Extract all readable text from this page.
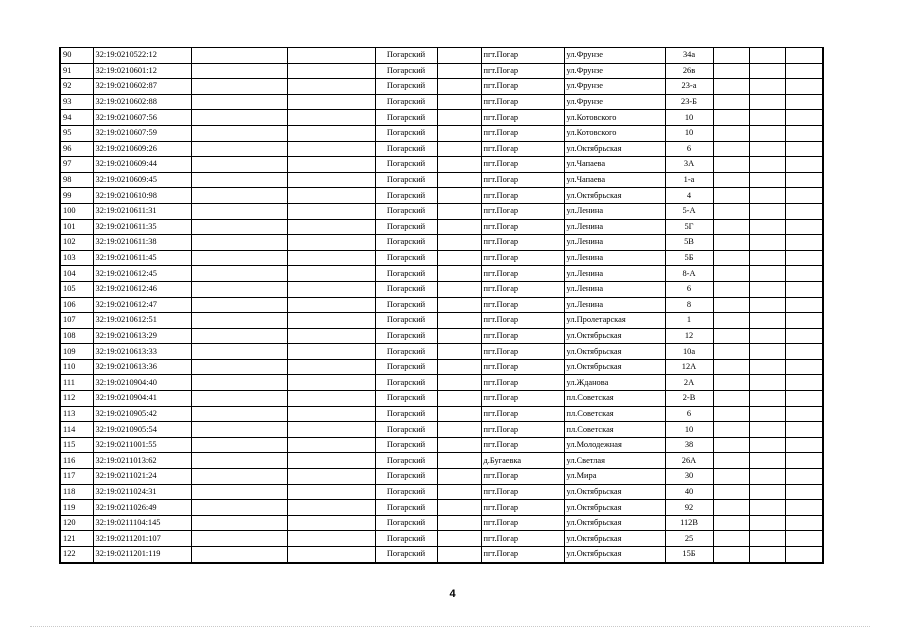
90	32:19:0210522:12			Погарский		пгт.Погар	ул.Фрунзе	34а			
91	32:19:0210601:12			Погарский		пгт.Погар	ул.Фрунзе	26в			
92	32:19:0210602:87			Погарский		пгт.Погар	ул.Фрунзе	23-а			
93	32:19:0210602:88			Погарский		пгт.Погар	ул.Фрунзе	23-Б			
94	32:19:0210607:56			Погарский		пгт.Погар	ул.Котовского	10			
95	32:19:0210607:59			Погарский		пгт.Погар	ул.Котовского	10			
96	32:19:0210609:26			Погарский		пгт.Погар	ул.Октябрьская	6			
97	32:19:0210609:44			Погарский		пгт.Погар	ул.Чапаева	3А			
98	32:19:0210609:45			Погарский		пгт.Погар	ул.Чапаева	1-а			
99	32:19:0210610:98			Погарский		пгт.Погар	ул.Октябрьская	4			
100	32:19:0210611:31			Погарский		пгт.Погар	ул.Ленина	5-А			
101	32:19:0210611:35			Погарский		пгт.Погар	ул.Ленина	5Г			
102	32:19:0210611:38			Погарский		пгт.Погар	ул.Ленина	5В			
103	32:19:0210611:45			Погарский		пгт.Погар	ул.Ленина	5Б			
104	32:19:0210612:45			Погарский		пгт.Погар	ул.Ленина	8-А			
105	32:19:0210612:46			Погарский		пгт.Погар	ул.Ленина	6			
106	32:19:0210612:47			Погарский		пгт.Погар	ул.Ленина	8			
107	32:19:0210612:51			Погарский		пгт.Погар	ул.Пролетарская	1			
108	32:19:0210613:29			Погарский		пгт.Погар	ул.Октябрьская	12			
109	32:19:0210613:33			Погарский		пгт.Погар	ул.Октябрьская	10а			
110	32:19:0210613:36			Погарский		пгт.Погар	ул.Октябрьская	12А			
111	32:19:0210904:40			Погарский		пгт.Погар	ул.Жданова	2А			
112	32:19:0210904:41			Погарский		пгт.Погар	пл.Советская	2-В			
113	32:19:0210905:42			Погарский		пгт.Погар	пл.Советская	6			
114	32:19:0210905:54			Погарский		пгт.Погар	пл.Советская	10			
115	32:19:0211001:55			Погарский		пгт.Погар	ул.Молодежная	38			
116	32:19:0211013:62			Погарский		д.Бугаевка	ул.Светлая	26А			
117	32:19:0211021:24			Погарский		пгт.Погар	ул.Мира	30			
118	32:19:0211024:31			Погарский		пгт.Погар	ул.Октябрьская	40			
119	32:19:0211026:49			Погарский		пгт.Погар	ул.Октябрьская	92			
120	32:19:0211104:145			Погарский		пгт.Погар	ул.Октябрьская	112В			
121	32:19:0211201:107			Погарский		пгт.Погар	ул.Октябрьская	25			
122	32:19:0211201:119			Погарский		пгт.Погар	ул.Октябрьская	15Б			
4
